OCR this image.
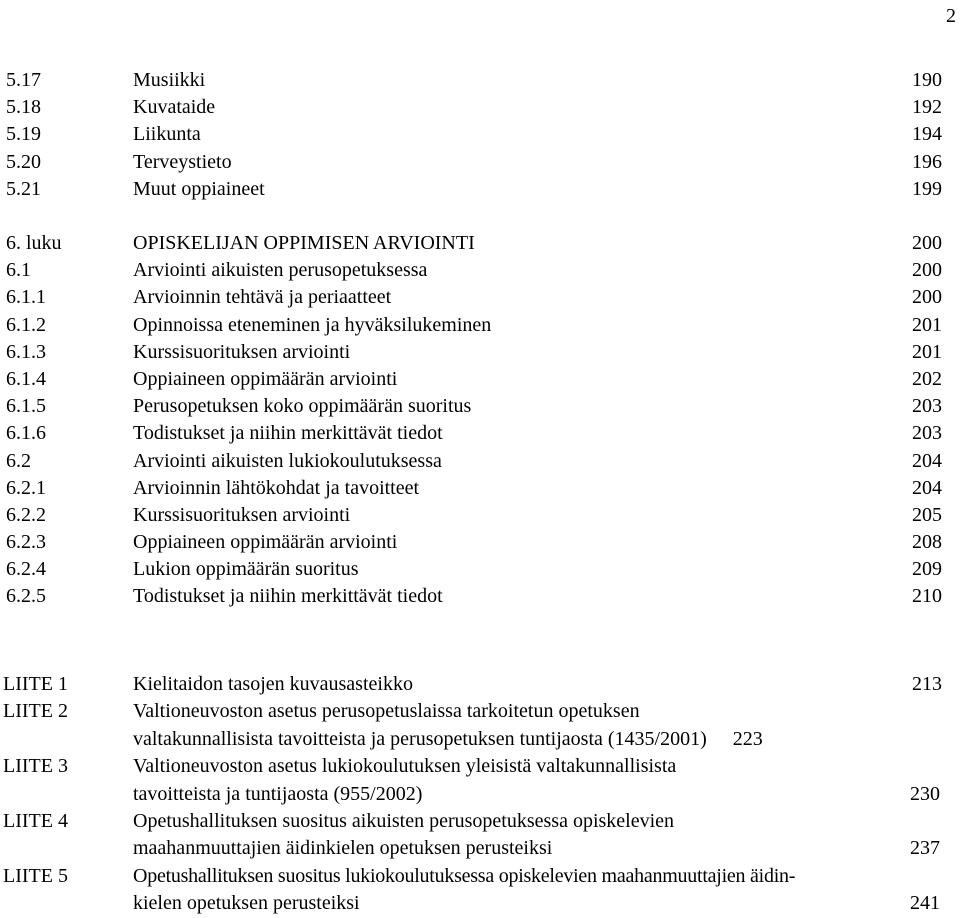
2
5.17	Musiikki	190
5.18	Kuvataide	192
5.19	Liikunta	194
5.20	Terveystieto	196
5.21	Muut oppiaineet	199
6. luku	OPISKELIJAN OPPIMISEN ARVIOINTI	200
6.1	Arviointi aikuisten perusopetuksessa	200
6.1.1	Arvioinnin tehtävä ja periaatteet	200
6.1.2	Opinnoissa eteneminen ja hyväksilukeminen	201
6.1.3	Kurssisuorituksen arviointi	201
6.1.4	Oppiaineen oppimäärän arviointi	202
6.1.5	Perusopetuksen koko oppimäärän suoritus	203
6.1.6	Todistukset ja niihin merkittävät tiedot	203
6.2	Arviointi aikuisten lukiokoulutuksessa	204
6.2.1	Arvioinnin lähtökohdat ja tavoitteet	204
6.2.2	Kurssisuorituksen arviointi	205
6.2.3	Oppiaineen oppimäärän arviointi	208
6.2.4	Lukion oppimäärän suoritus	209
6.2.5	Todistukset ja niihin merkittävät tiedot	210
LIITE 1	Kielitaidon tasojen kuvausasteikko	213
LIITE 2	Valtioneuvoston asetus perusopetuslaissa tarkoitetun opetuksen
valtakunnallisista tavoitteista ja perusopetuksen tuntijaosta (1435/2001) 223
LIITE 3	Valtioneuvoston asetus lukiokoulutuksen yleisistä valtakunnallisista
tavoitteista ja tuntijaosta (955/2002)	230
LIITE 4	Opetushallituksen suositus aikuisten perusopetuksessa opiskelevien
maahanmuuttajien äidinkielen opetuksen perusteiksi	237
LIITE 5	Opetushallituksen suositus lukiokoulutuksessa opiskelevien maahanmuuttajien äidin-
kielen opetuksen perusteiksi	241
